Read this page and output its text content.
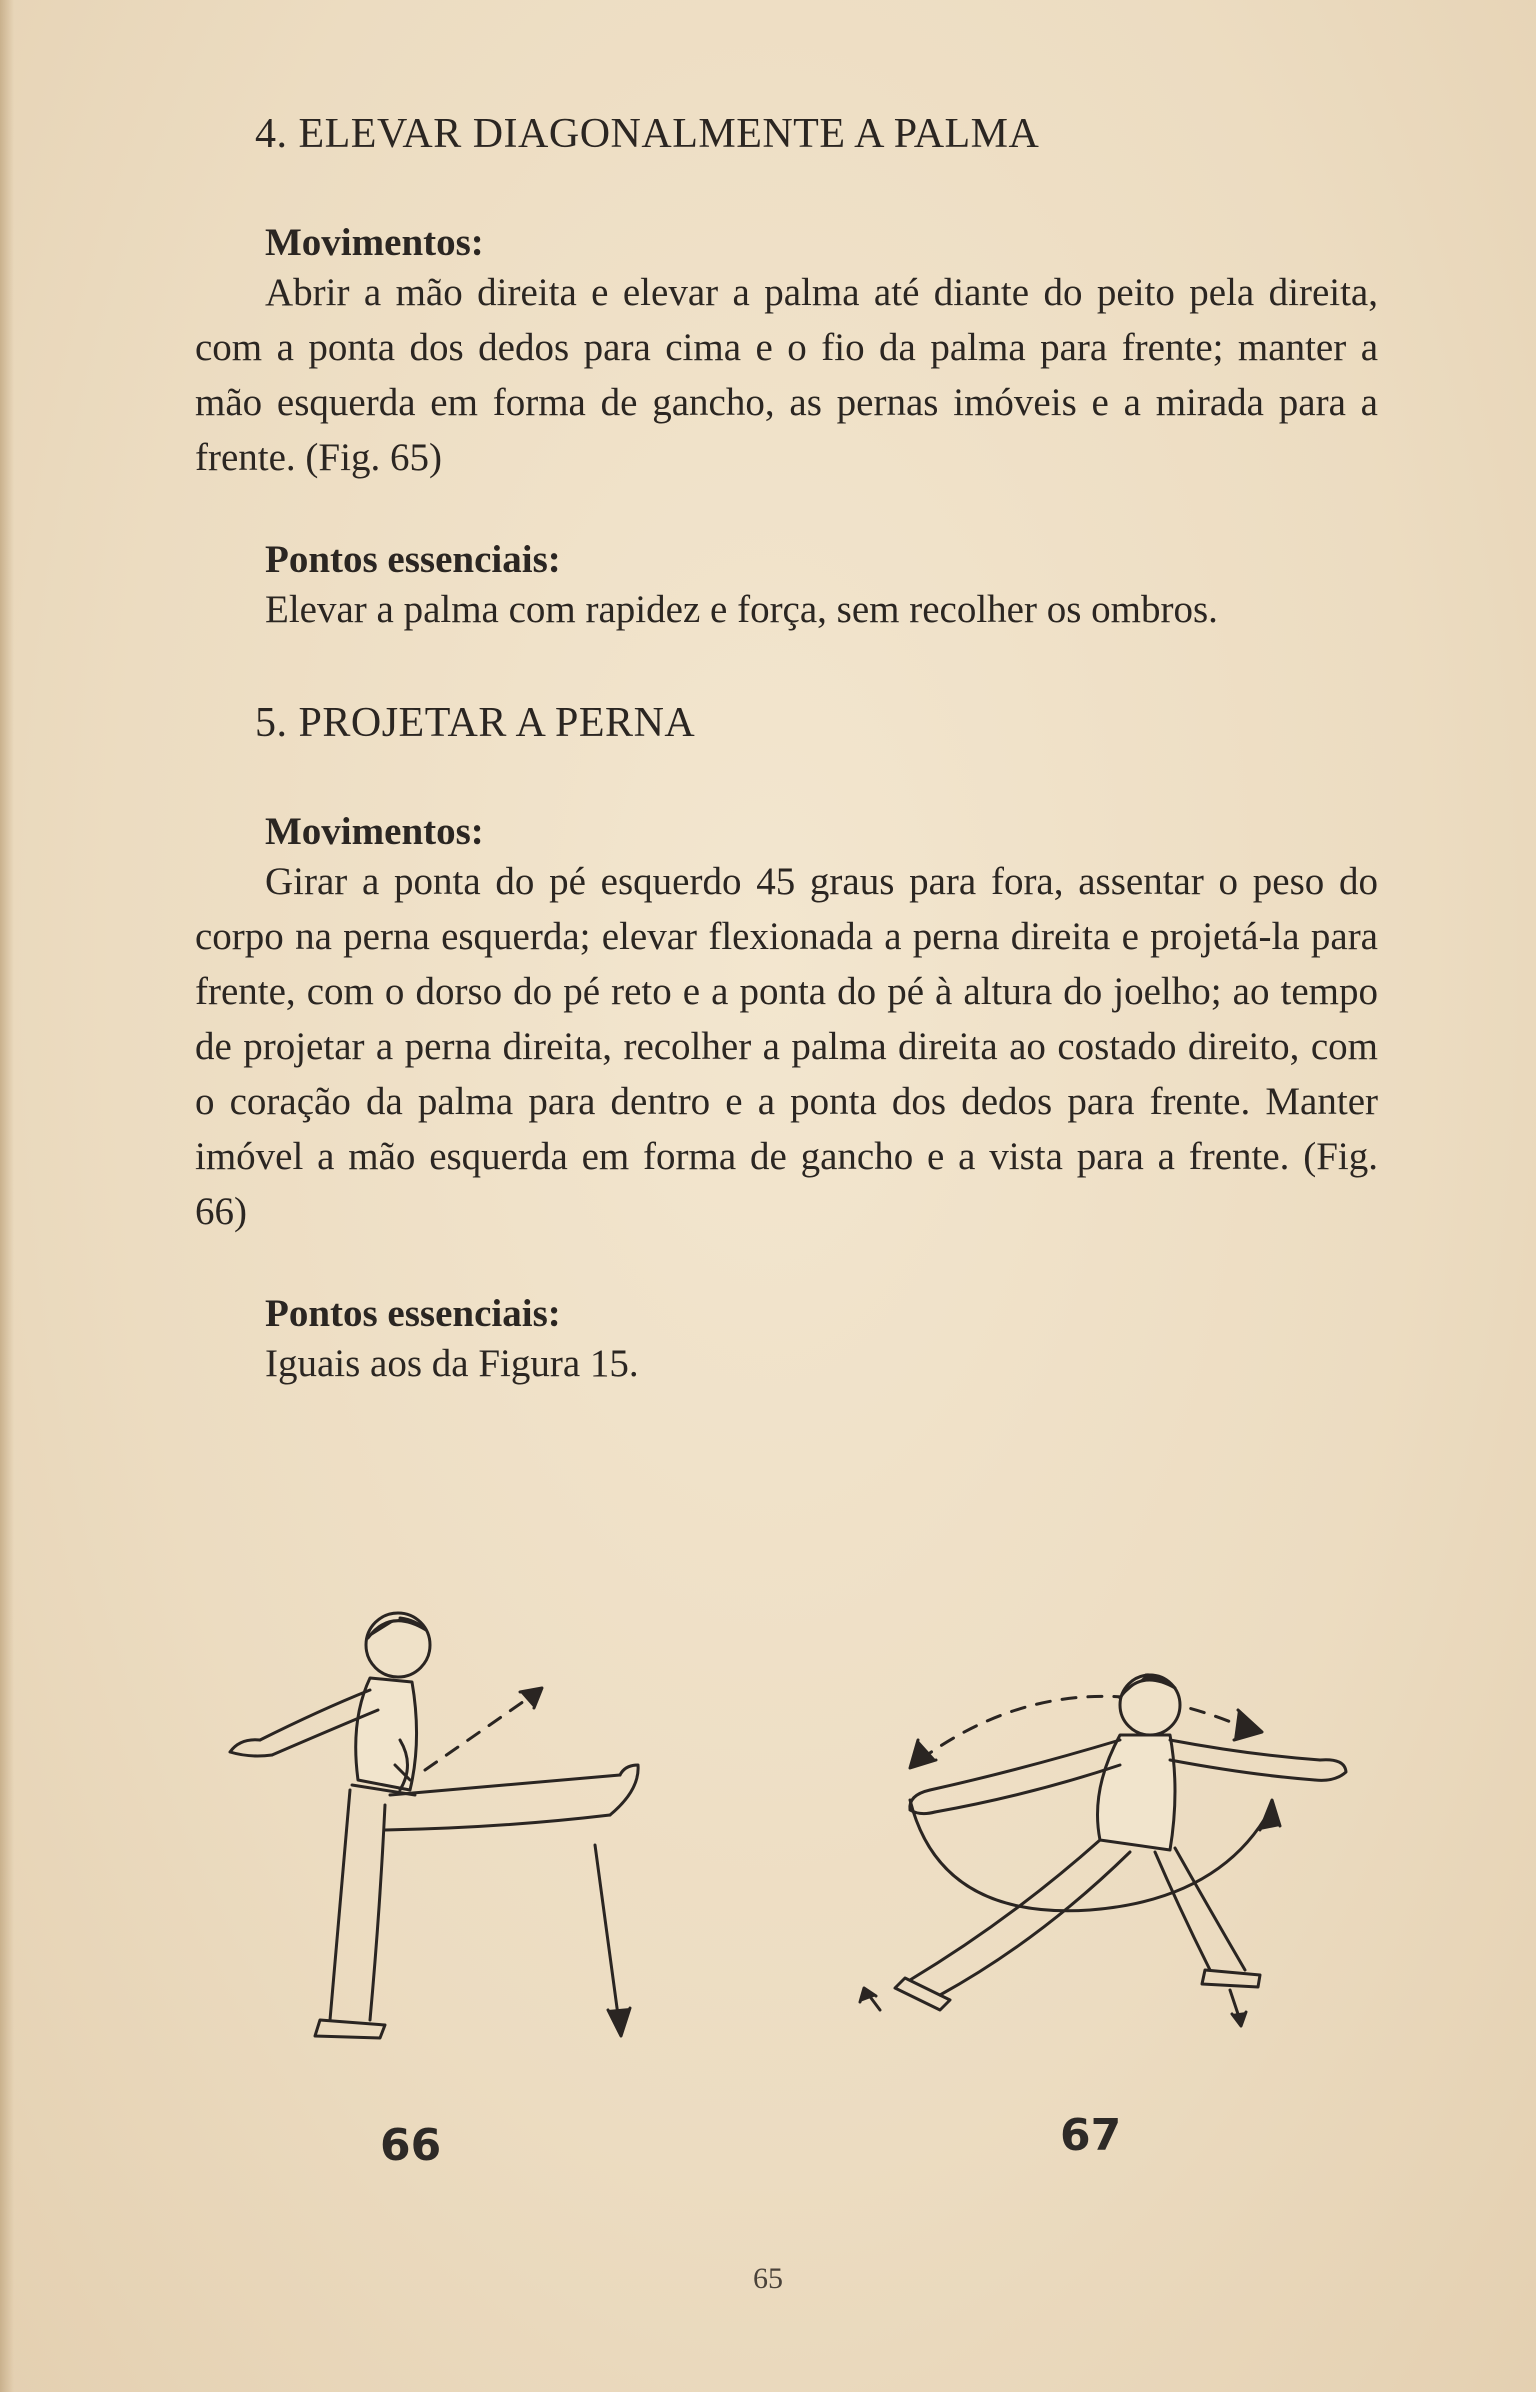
4. ELEVAR DIAGONALMENTE A PALMA

Movimentos:

Abrir a mão direita e elevar a palma até diante do peito pela direita, com a ponta dos dedos para cima e o fio da palma para frente; manter a mão esquerda em forma de gancho, as pernas imóveis e a mirada para a frente. (Fig. 65)

Pontos essenciais:

Elevar a palma com rapidez e força, sem recolher os ombros.

5. PROJETAR A PERNA

Movimentos:

Girar a ponta do pé esquerdo 45 graus para fora, assentar o peso do corpo na perna esquerda; elevar flexionada a perna direita e projetá-la para frente, com o dorso do pé reto e a ponta do pé à altura do joelho; ao tempo de projetar a perna direita, recolher a palma direita ao costado direito, com o coração da palma para dentro e a ponta dos dedos para frente. Manter imóvel a mão esquerda em forma de gancho e a vista para a frente. (Fig. 66)

Pontos essenciais:

Iguais aos da Figura 15.

66	67
65
